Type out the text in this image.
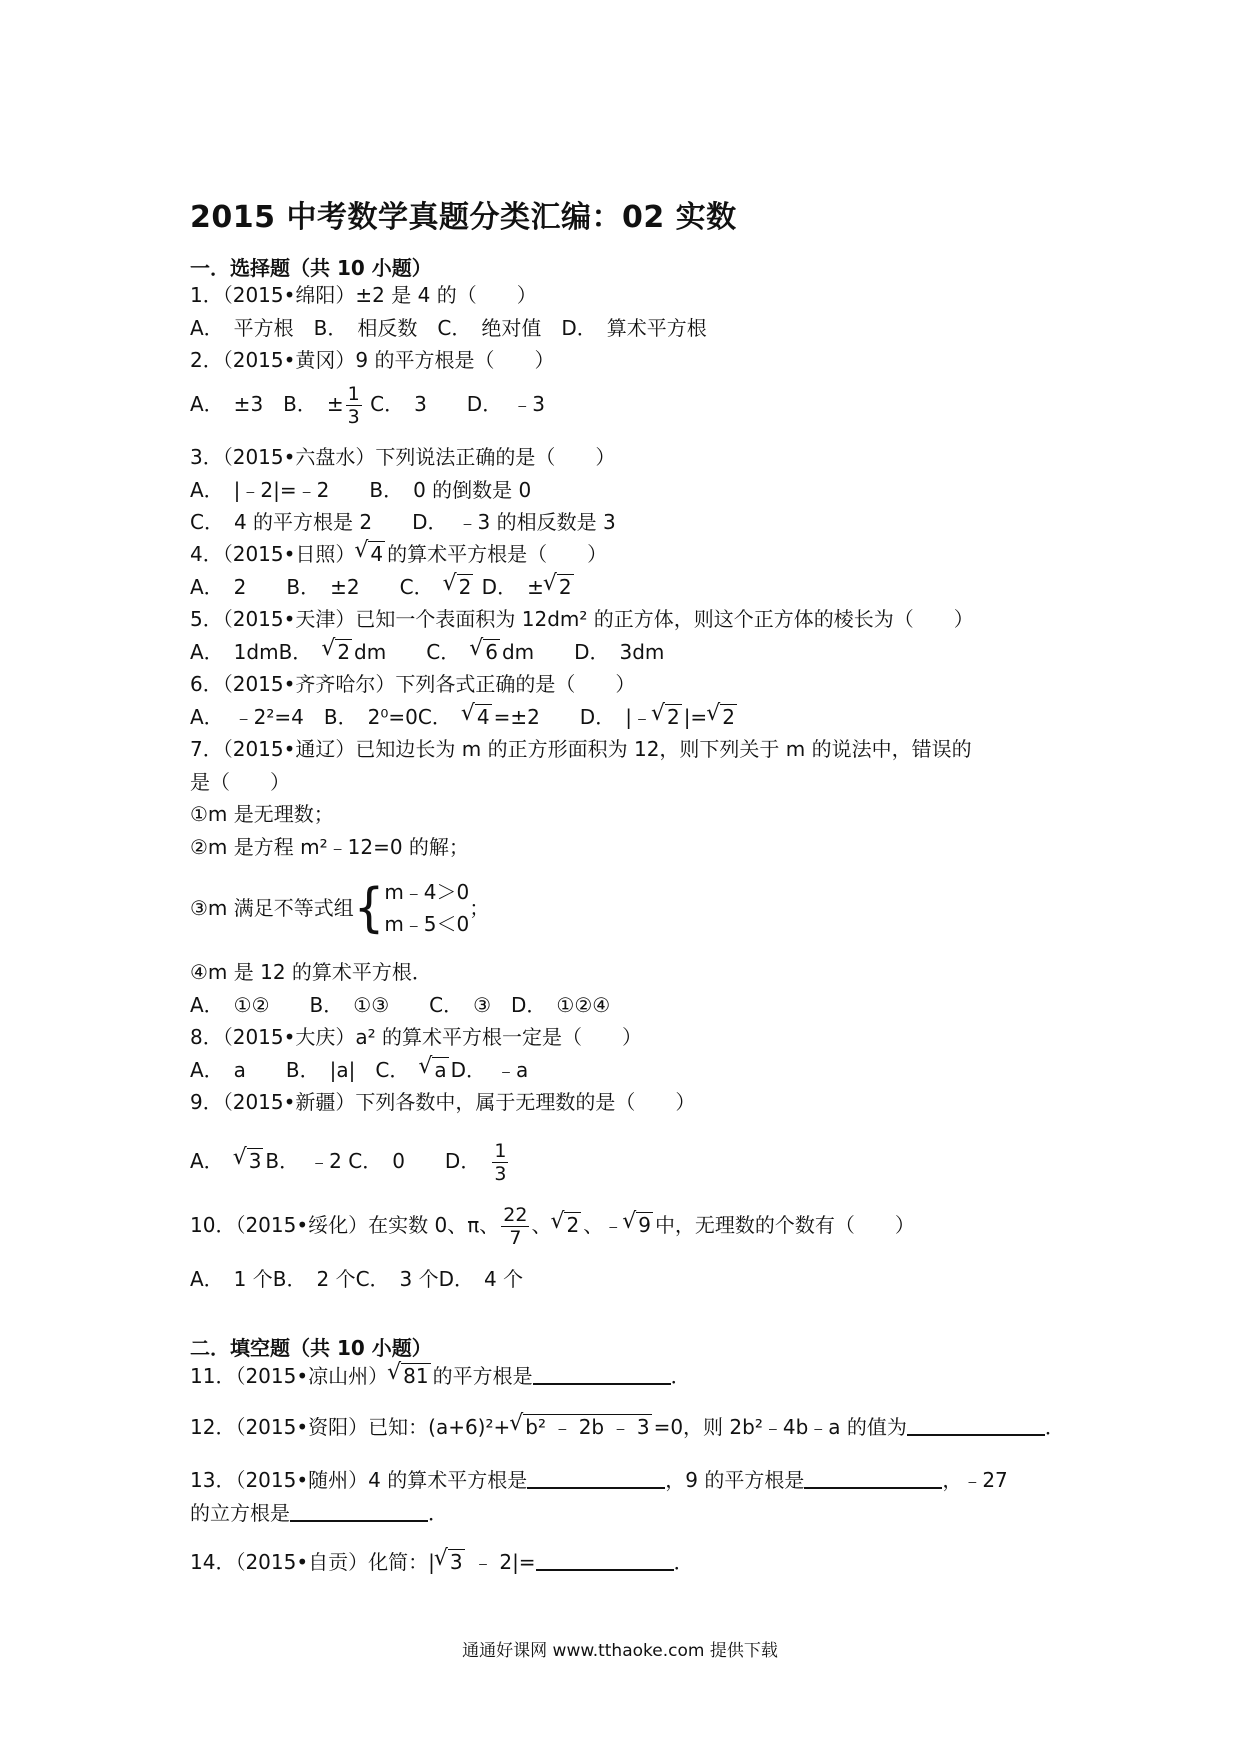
2015 中考数学真题分类汇编：02 实数
一．选择题（共 10 小题）
1．（2015•绵阳）±2 是 4 的（　　）
A．　平方根　B．　相反数　C．　绝对值　D．　算术平方根
2．（2015•黄冈）9 的平方根是（　　）
A．　±3　B．　± $\frac{1}{3}$ C．　3　　D．　﹣3
3．（2015•六盘水）下列说法正确的是（　　）
A．　|﹣2|=﹣2　　B．　0 的倒数是 0
C．　4 的平方根是 2　　D．　﹣3 的相反数是 3
4．（2015•日照） √ 4 的算术平方根是（　　）
A．　2　　B．　±2　　C．　√ 2 D．　± √ 2
5．（2015•天津）已知一个表面积为 12dm² 的正方体，则这个正方体的棱长为（　　）
A．　1dmB．　√ 2 dm　　C．　√ 6 dm　　D．　3dm
6．（2015•齐齐哈尔）下列各式正确的是（　　）
A．　﹣2²=4　B．　2⁰=0C．　√ 4 =±2　　D．　|﹣ √ 2 |= √ 2
7．（2015•通辽）已知边长为 m 的正方形面积为 12，则下列关于 m 的说法中，错误的
是（　　）
①m 是无理数；
②m 是方程 m²﹣12=0 的解；
③m 满足不等式组{m﹣4＞0
m﹣5＜0；
④m 是 12 的算术平方根．
A．　①②　　B．　①③　　C．　③　D．　①②④
8．（2015•大庆）a² 的算术平方根一定是（　　）
A．　a　　B．　|a|　C．　√ a D．　﹣a
9．（2015•新疆）下列各数中，属于无理数的是（　　）
A．　√ 3 B．　﹣2 C．　0　　D．　 $\frac{1}{3}$
10．（2015•绥化）在实数 0、π、 $\frac{22}{7}$ 、 √ 2 、﹣ √ 9 中，无理数的个数有（　　）
A．　1 个B．　2 个C．　3 个D．　4 个
二．填空题（共 10 小题）
11．（2015•凉山州） √ 81 的平方根是	．
12．（2015•资阳）已知：(a+6)²+ √ b² ﹣ 2b ﹣ 3 =0，则 2b²﹣4b﹣a 的值为	．
13．（2015•随州）4 的算术平方根是	，9 的平方根是	，﹣27
的立方根是	．
14．（2015•自贡）化简：| √ 3 ﹣ 2|=	．
通通好课网 www.tthaoke.com 提供下载
